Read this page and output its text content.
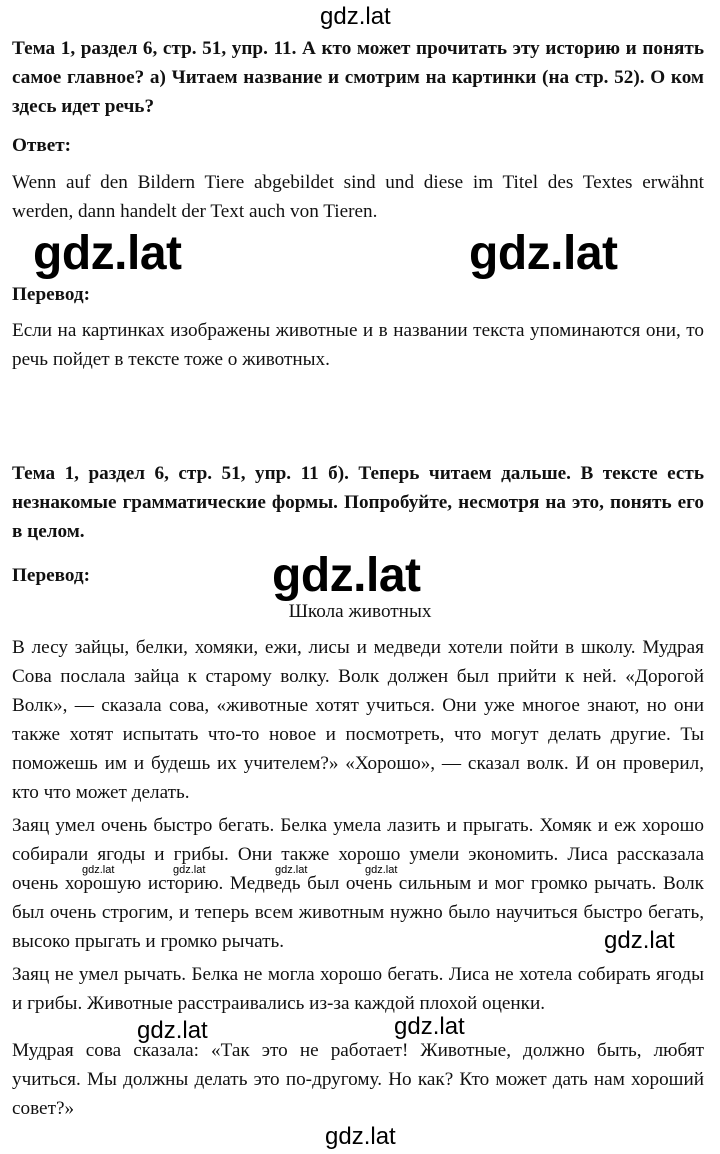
Тема 1, раздел 6, стр. 51, упр. 11. А кто может прочитать эту историю и понять самое главное? а) Читаем название и смотрим на картинки (на стр. 52). О ком здесь идет речь?

Ответ:

Wenn auf den Bildern Tiere abgebildet sind und diese im Titel des Textes erwähnt werden, dann handelt der Text auch von Tieren.

Перевод:

Если на картинках изображены животные и в названии текста упоминаются они, то речь пойдет в тексте тоже о животных.

Тема 1, раздел 6, стр. 51, упр. 11 б). Теперь читаем дальше. В тексте есть незнакомые грамматические формы. Попробуйте, несмотря на это, понять его в целом.

Перевод:

Школа животных

В лесу зайцы, белки, хомяки, ежи, лисы и медведи хотели пойти в школу. Мудрая Сова послала зайца к старому волку. Волк должен был прийти к ней. «Дорогой Волк», — сказала сова, «животные хотят учиться. Они уже многое знают, но они также хотят испытать что-то новое и посмотреть, что могут делать другие. Ты поможешь им и будешь их учителем?» «Хорошо», — сказал волк. И он проверил, кто что может делать.

Заяц умел очень быстро бегать. Белка умела лазить и прыгать. Хомяк и еж хорошо собирали ягоды и грибы. Они также хорошо умели экономить. Лиса рассказала очень хорошую историю. Медведь был очень сильным и мог громко рычать. Волк был очень строгим, и теперь всем животным нужно было научиться быстро бегать, высоко прыгать и громко рычать.

Заяц не умел рычать. Белка не могла хорошо бегать. Лиса не хотела собирать ягоды и грибы. Животные расстраивались из-за каждой плохой оценки.

Мудрая сова сказала: «Так это не работает! Животные, должно быть, любят учиться. Мы должны делать это по-другому. Но как? Кто может дать нам хороший совет?»

gdz.lat
gdz.lat	gdz.lat
gdz.lat
gdz.lat	gdz.lat	gdz.lat	gdz.lat
gdz.lat
gdz.lat	gdz.lat
gdz.lat
